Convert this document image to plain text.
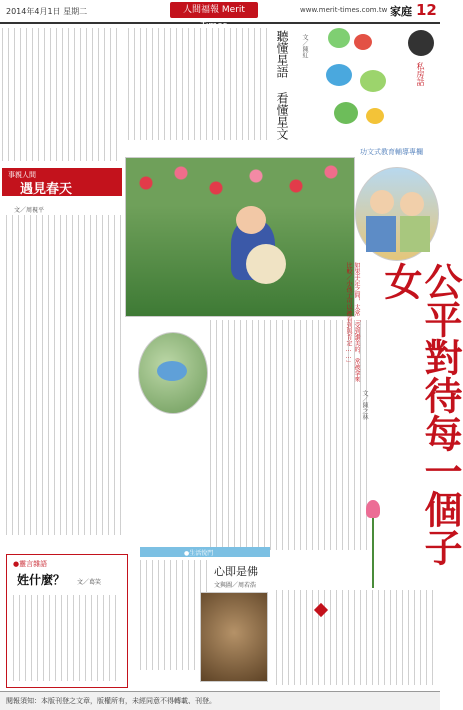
2014年4月1日 星期二	人間福報 Merit Times
www.merit-times.com.tw 家庭 12
聽懂星語 看懂星文 文／陳紅
私房話
功文式教育輔導專欄
事親人間
遇見春天
文／周視平
公平對待每一個子女
如果手足之間，太常「受到讚美的、常被拿來比較／小孩子可以被看到與肯定……」
文／陳之林
●生活悅門
心即是佛
文與圖／周若浩
●靈言雜語
姓什麼？ 文／葛笑
閱報須知：本版刊登之文章，版權所有，未經同意不得轉載、刊登。
